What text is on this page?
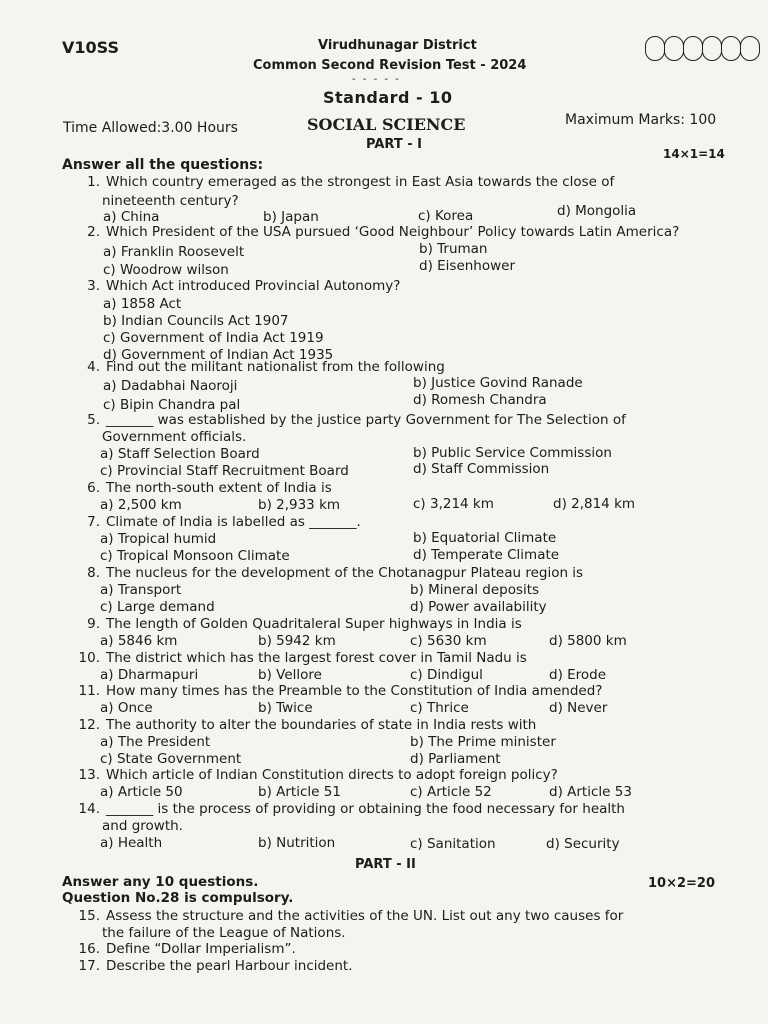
V10SS	Virudhunagar District
Common Second Revision Test - 2024
- - - - -
Standard - 10
Time Allowed:3.00 Hours	SOCIAL SCIENCE	Maximum Marks: 100
PART - I
14×1=14
Answer all the questions:
1. Which country emeraged as the strongest in East Asia towards the close of
nineteenth century?
a) China	b) Japan	c) Korea	d) Mongolia
2. Which President of the USA pursued ‘Good Neighbour’ Policy towards Latin America?
a) Franklin Roosevelt	b) Truman
c) Woodrow wilson	d) Eisenhower
3. Which Act introduced Provincial Autonomy?
a) 1858 Act
b) Indian Councils Act 1907
c) Government of India Act 1919
d) Government of Indian Act 1935
4. Find out the militant nationalist from the following
a) Dadabhai Naoroji	b) Justice Govind Ranade
c) Bipin Chandra pal	d) Romesh Chandra
5. _______ was established by the justice party Government for The Selection of
Government officials.
a) Staff Selection Board	b) Public Service Commission
c) Provincial Staff Recruitment Board	d) Staff Commission
6. The north-south extent of India is
a) 2,500 km	b) 2,933 km	c) 3,214 km	d) 2,814 km
7. Climate of India is labelled as _______.
a) Tropical humid	b) Equatorial Climate
c) Tropical Monsoon Climate	d) Temperate Climate
8. The nucleus for the development of the Chotanagpur Plateau region is
a) Transport	b) Mineral deposits
c) Large demand	d) Power availability
9. The length of Golden Quadritaleral Super highways in India is
a) 5846 km	b) 5942 km	c) 5630 km	d) 5800 km
10. The district which has the largest forest cover in Tamil Nadu is
a) Dharmapuri	b) Vellore	c) Dindigul	d) Erode
11. How many times has the Preamble to the Constitution of India amended?
a) Once	b) Twice	c) Thrice	d) Never
12. The authority to alter the boundaries of state in India rests with
a) The President	b) The Prime minister
c) State Government	d) Parliament
13. Which article of Indian Constitution directs to adopt foreign policy?
a) Article 50	b) Article 51	c) Article 52	d) Article 53
14. _______ is the process of providing or obtaining the food necessary for health
and growth.
a) Health	b) Nutrition	c) Sanitation	d) Security
PART - II
Answer any 10 questions.
Question No.28 is compulsory.
10×2=20
15. Assess the structure and the activities of the UN. List out any two causes for
the failure of the League of Nations.
16. Define “Dollar Imperialism”.
17. Describe the pearl Harbour incident.
